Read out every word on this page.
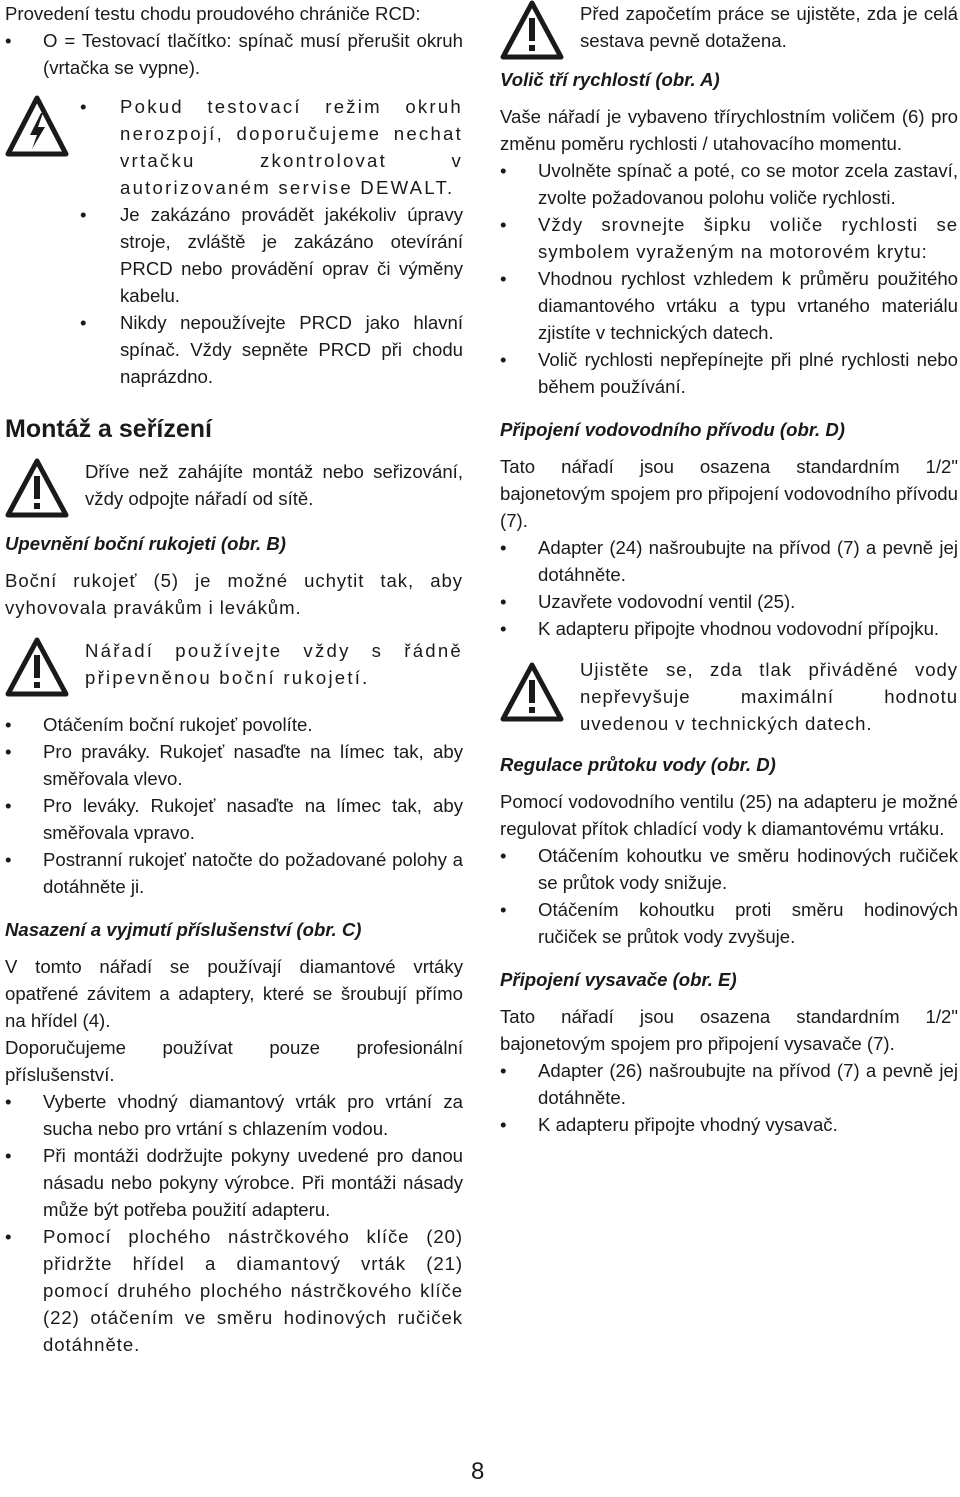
Provedení testu chodu proudového chrániče RCD:

• O = Testovací tlačítko: spínač musí přerušit okruh (vrtačka se vypne).
• Pokud testovací režim okruh nerozpojí, doporučujeme nechat vrtačku zkontrolovat v autorizovaném servise DEWALT.
• Je zakázáno provádět jakékoliv úpravy stroje, zvláště je zakázáno otevírání PRCD nebo provádění oprav či výměny kabelu.
• Nikdy nepoužívejte PRCD jako hlavní spínač. Vždy sepněte PRCD při chodu naprázdno.
Montáž a seřízení

Dříve než zahájíte montáž nebo seřizování, vždy odpojte nářadí od sítě.

Upevnění boční rukojeti (obr. B)

Boční rukojeť (5) je možné uchytit tak, aby vyhovovala pravákům i levákům.

Nářadí používejte vždy s řádně připevněnou boční rukojetí.

• Otáčením boční rukojeť povolíte.
• Pro praváky. Rukojeť nasaďte na límec tak, aby směřovala vlevo.
• Pro leváky. Rukojeť nasaďte na límec tak, aby směřovala vpravo.
• Postranní rukojeť natočte do požadované polohy a dotáhněte ji.

Nasazení a vyjmutí příslušenství (obr. C)

V tomto nářadí se používají diamantové vrtáky opatřené závitem a adaptery, které se šroubují přímo na hřídel (4).

Doporučujeme používat pouze profesionální příslušenství.

• Vyberte vhodný diamantový vrták pro vrtání za sucha nebo pro vrtání s chlazením vodou.
• Při montáži dodržujte pokyny uvedené pro danou násadu nebo pokyny výrobce. Při montáži násady může být potřeba použití adapteru.
• Pomocí plochého nástrčkového klíče (20) přidržte hřídel a diamantový vrták (21) pomocí druhého plochého nástrčkového klíče (22) otáčením ve směru hodinových ručiček dotáhněte.

Před započetím práce se ujistěte, zda je celá sestava pevně dotažena.

Volič tří rychlostí (obr. A)

Vaše nářadí je vybaveno třírychlostním voličem (6) pro změnu poměru rychlosti / utahovacího momentu.

• Uvolněte spínač a poté, co se motor zcela zastaví, zvolte požadovanou polohu voliče rychlosti.
• Vždy srovnejte šipku voliče rychlosti se symbolem vyraženým na motorovém krytu:
• Vhodnou rychlost vzhledem k průměru použitého diamantového vrtáku a typu vrtaného materiálu zjistíte v technických datech.
• Volič rychlosti nepřepínejte při plné rychlosti nebo během používání.

Připojení vodovodního přívodu (obr. D)

Tato nářadí jsou osazena standardním 1/2" bajonetovým spojem pro připojení vodovodního přívodu (7).

• Adapter (24) našroubujte na přívod (7) a pevně jej dotáhněte.
• Uzavřete vodovodní ventil (25).
• K adapteru připojte vhodnou vodovodní přípojku.

Ujistěte se, zda tlak přiváděné vody nepřevyšuje maximální hodnotu uvedenou v technických datech.

Regulace průtoku vody (obr. D)

Pomocí vodovodního ventilu (25) na adapteru je možné regulovat přítok chladící vody k diamantovému vrtáku.

• Otáčením kohoutku ve směru hodinových ručiček se průtok vody snižuje.
• Otáčením kohoutku proti směru hodinových ručiček se průtok vody zvyšuje.

Připojení vysavače (obr. E)

Tato nářadí jsou osazena standardním 1/2" bajonetovým spojem pro připojení vysavače (7).

• Adapter (26) našroubujte na přívod (7) a pevně jej dotáhněte.
• K adapteru připojte vhodný vysavač.
8
